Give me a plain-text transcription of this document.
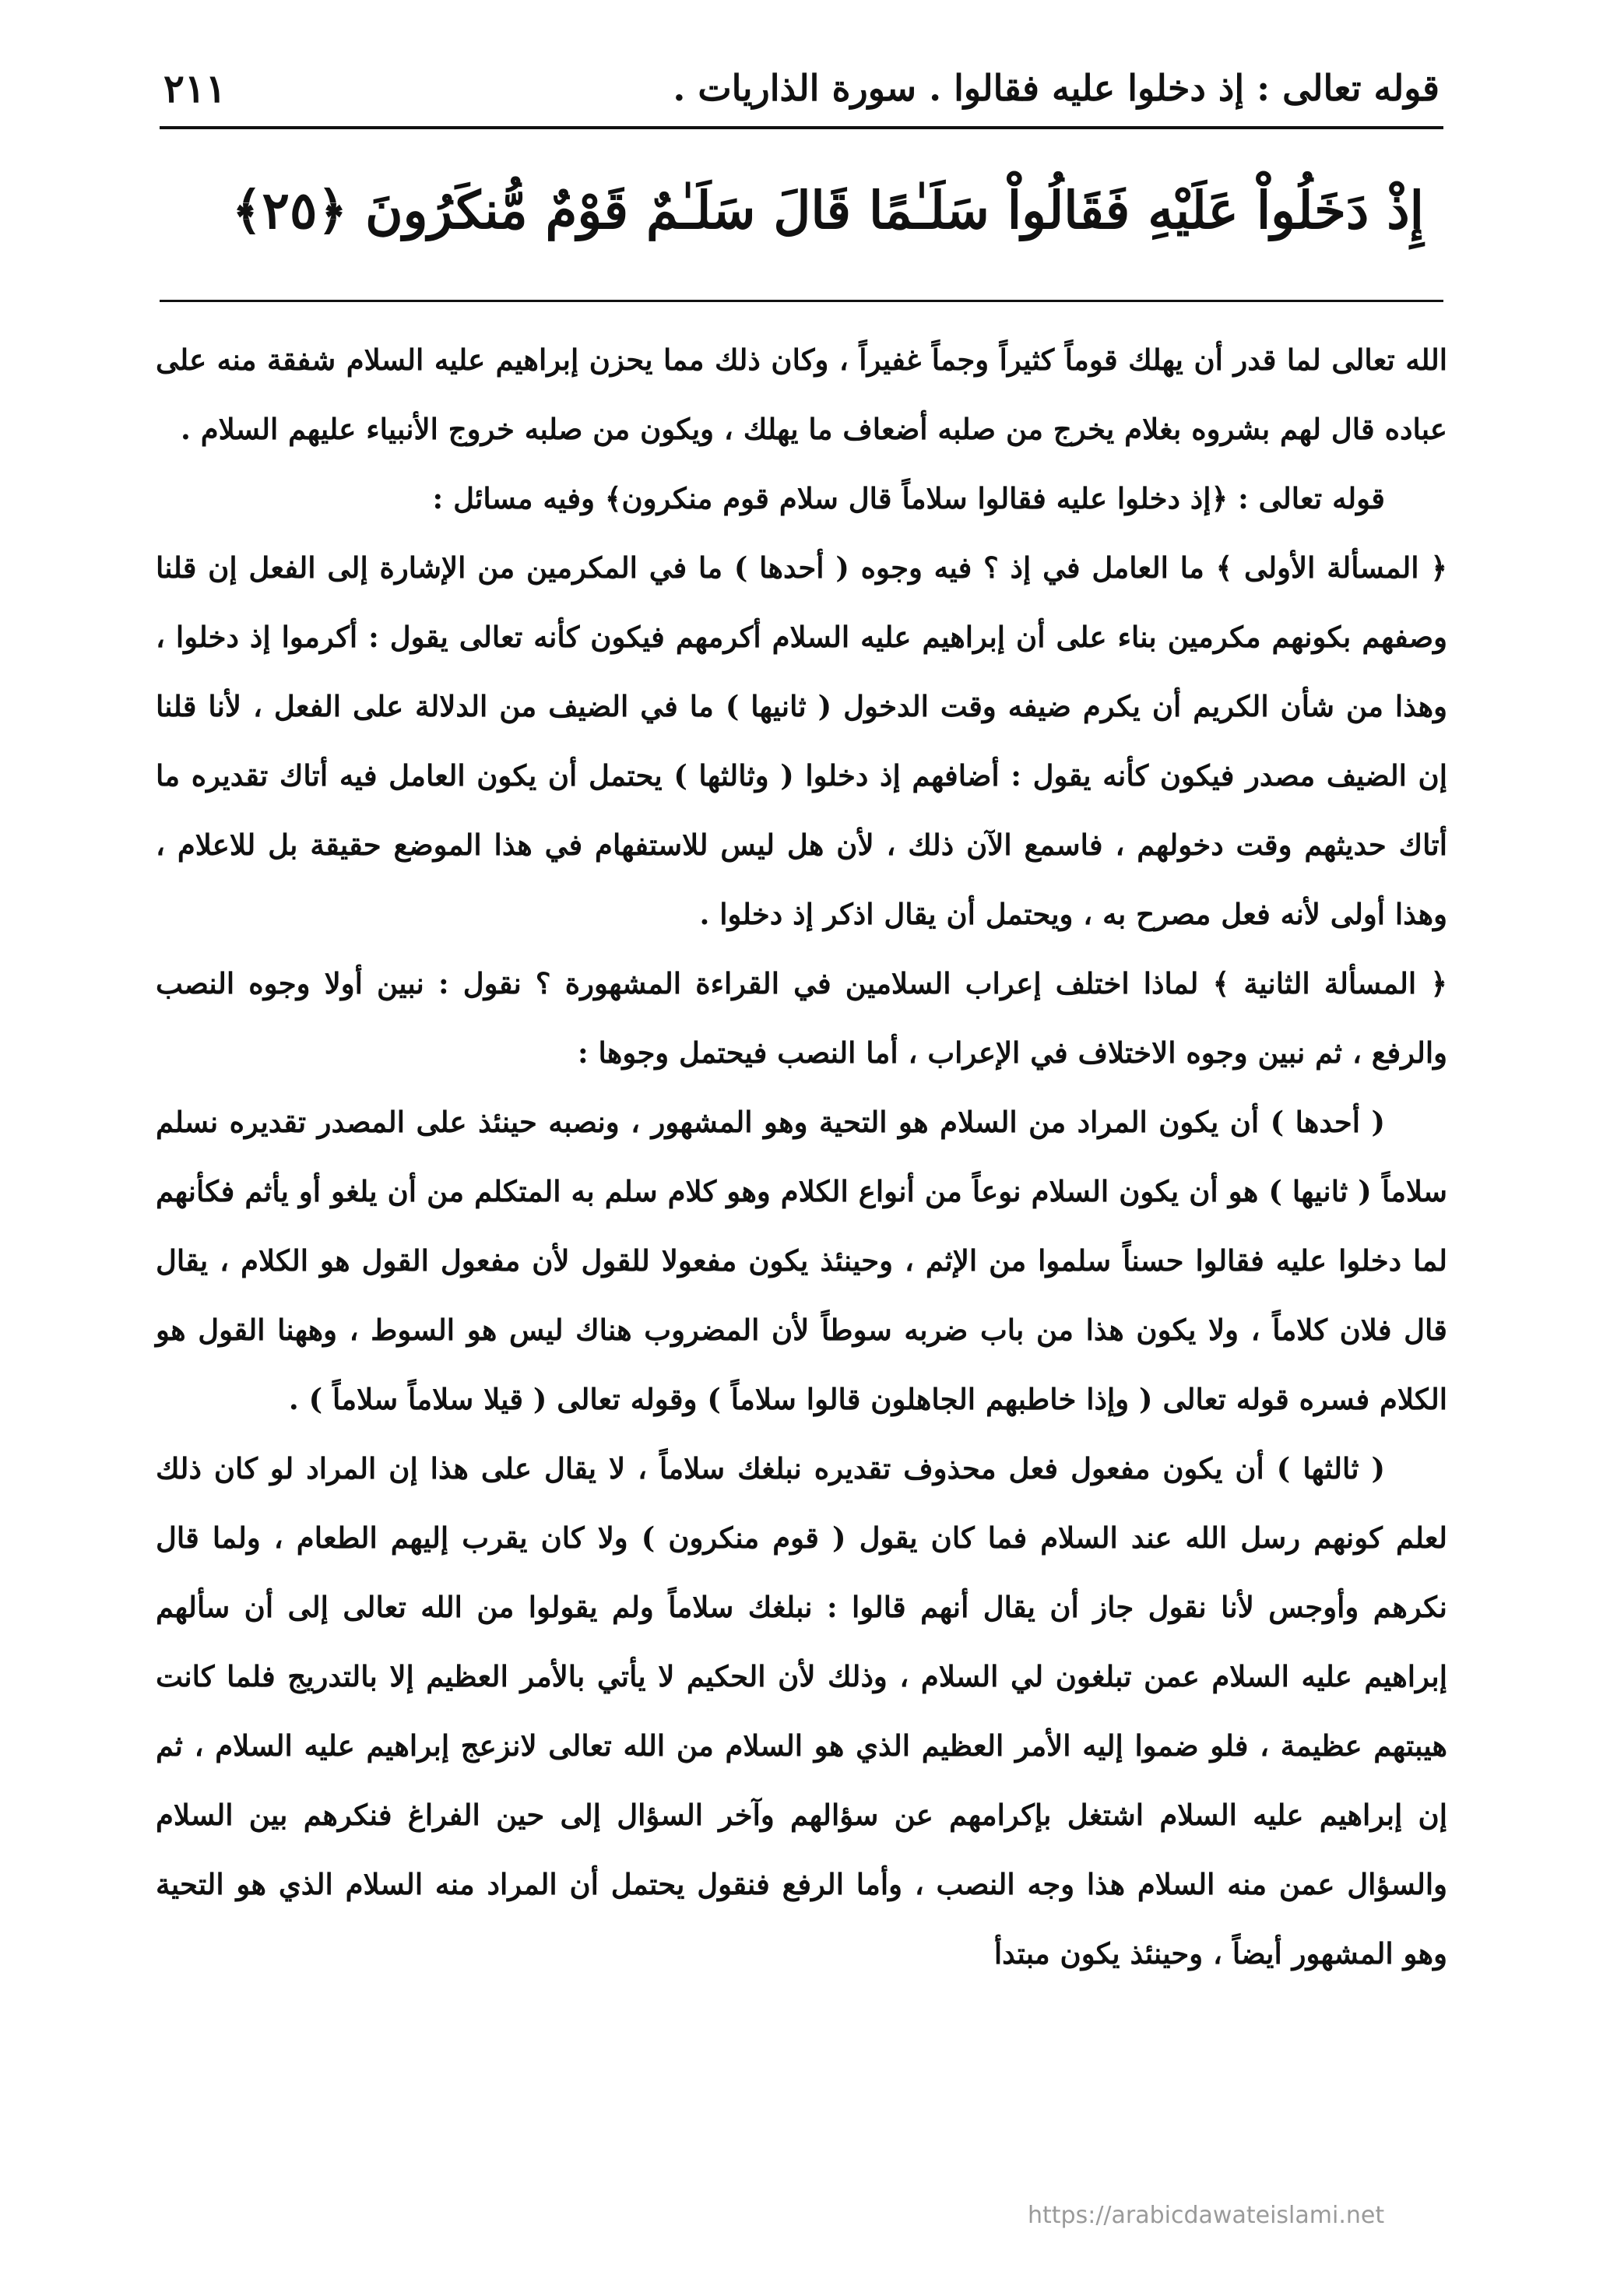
قوله تعالى : إذ دخلوا عليه فقالوا . سورة الذاريات .
٢١١
إِذْ دَخَلُواْ عَلَيْهِ فَقَالُواْ سَلَـٰمًا قَالَ سَلَـٰمٌ قَوْمٌ مُّنكَرُونَ ﴿٢٥﴾

الله تعالى لما قدر أن يهلك قوماً كثيراً وجماً غفيراً ، وكان ذلك مما يحزن إبراهيم عليه السلام شفقة منه على عباده قال لهم بشروه بغلام يخرج من صلبه أضعاف ما يهلك ، ويكون من صلبه خروج الأنبياء عليهم السلام .

قوله تعالى : ﴿إذ دخلوا عليه فقالوا سلاماً قال سلام قوم منكرون﴾ وفيه مسائل :

﴿ المسألة الأولى ﴾ ما العامل في إذ ؟ فيه وجوه ( أحدها ) ما في المكرمين من الإشارة إلى الفعل إن قلنا وصفهم بكونهم مكرمين بناء على أن إبراهيم عليه السلام أكرمهم فيكون كأنه تعالى يقول : أكرموا إذ دخلوا ، وهذا من شأن الكريم أن يكرم ضيفه وقت الدخول ( ثانيها ) ما في الضيف من الدلالة على الفعل ، لأنا قلنا إن الضيف مصدر فيكون كأنه يقول : أضافهم إذ دخلوا ( وثالثها ) يحتمل أن يكون العامل فيه أتاك تقديره ما أتاك حديثهم وقت دخولهم ، فاسمع الآن ذلك ، لأن هل ليس للاستفهام في هذا الموضع حقيقة بل للاعلام ، وهذا أولى لأنه فعل مصرح به ، ويحتمل أن يقال اذكر إذ دخلوا .

﴿ المسألة الثانية ﴾ لماذا اختلف إعراب السلامين في القراءة المشهورة ؟ نقول : نبين أولا وجوه النصب والرفع ، ثم نبين وجوه الاختلاف في الإعراب ، أما النصب فيحتمل وجوها :

( أحدها ) أن يكون المراد من السلام هو التحية وهو المشهور ، ونصبه حينئذ على المصدر تقديره نسلم سلاماً ( ثانيها ) هو أن يكون السلام نوعاً من أنواع الكلام وهو كلام سلم به المتكلم من أن يلغو أو يأثم فكأنهم لما دخلوا عليه فقالوا حسناً سلموا من الإثم ، وحينئذ يكون مفعولا للقول لأن مفعول القول هو الكلام ، يقال قال فلان كلاماً ، ولا يكون هذا من باب ضربه سوطاً لأن المضروب هناك ليس هو السوط ، وههنا القول هو الكلام فسره قوله تعالى ( وإذا خاطبهم الجاهلون قالوا سلاماً ) وقوله تعالى ( قيلا سلاماً سلاماً ) .

( ثالثها ) أن يكون مفعول فعل محذوف تقديره نبلغك سلاماً ، لا يقال على هذا إن المراد لو كان ذلك لعلم كونهم رسل الله عند السلام فما كان يقول ( قوم منكرون ) ولا كان يقرب إليهم الطعام ، ولما قال نكرهم وأوجس لأنا نقول جاز أن يقال أنهم قالوا : نبلغك سلاماً ولم يقولوا من الله تعالى إلى أن سألهم إبراهيم عليه السلام عمن تبلغون لي السلام ، وذلك لأن الحكيم لا يأتي بالأمر العظيم إلا بالتدريج فلما كانت هيبتهم عظيمة ، فلو ضموا إليه الأمر العظيم الذي هو السلام من الله تعالى لانزعج إبراهيم عليه السلام ، ثم إن إبراهيم عليه السلام اشتغل بإكرامهم عن سؤالهم وآخر السؤال إلى حين الفراغ فنكرهم بين السلام والسؤال عمن منه السلام هذا وجه النصب ، وأما الرفع فنقول يحتمل أن المراد منه السلام الذي هو التحية وهو المشهور أيضاً ، وحينئذ يكون مبتدأ

https://arabicdawateislami.net
